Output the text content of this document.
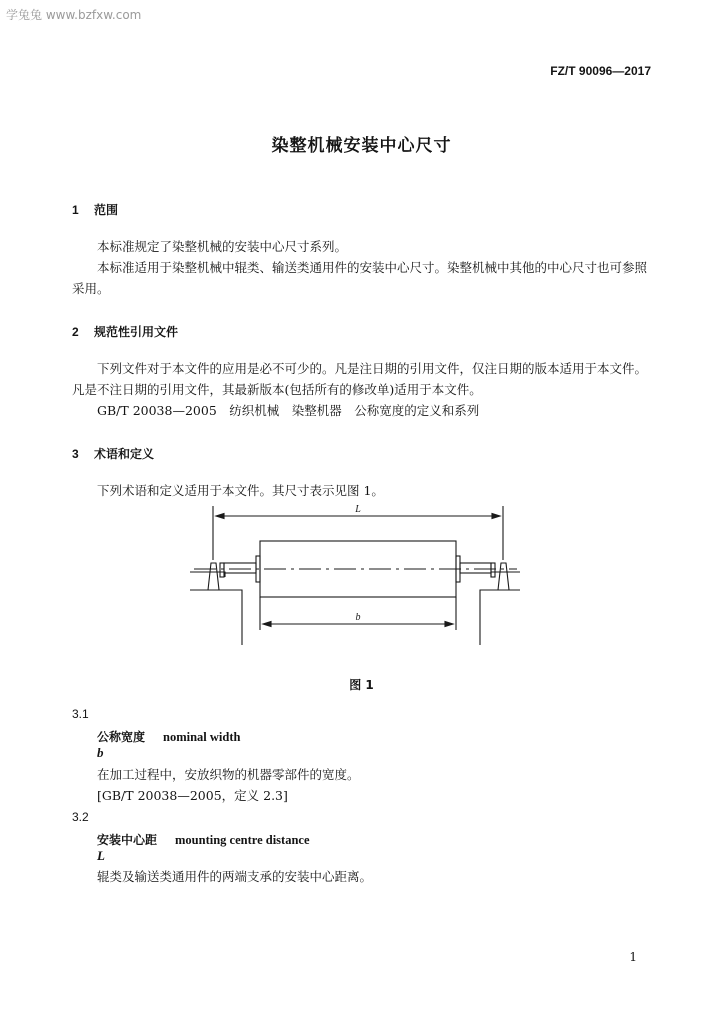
学兔兔 www.bzfxw.com
FZ/T 90096—2017
染整机械安装中心尺寸
1 范围
本标准规定了染整机械的安装中心尺寸系列。
本标准适用于染整机械中辊类、输送类通用件的安装中心尺寸。染整机械中其他的中心尺寸也可参照采用。
2 规范性引用文件
下列文件对于本文件的应用是必不可少的。凡是注日期的引用文件，仅注日期的版本适用于本文件。凡是不注日期的引用文件，其最新版本(包括所有的修改单)适用于本文件。
GB/T 20038—2005　纺织机械　染整机器　公称宽度的定义和系列
3 术语和定义
下列术语和定义适用于本文件。其尺寸表示见图 1。
L
b
图 1
3.1
公称宽度 nominal width
b
在加工过程中，安放织物的机器零部件的宽度。
[GB/T 20038—2005，定义 2.3]
3.2
安装中心距 mounting centre distance
L
辊类及输送类通用件的两端支承的安装中心距离。
1
